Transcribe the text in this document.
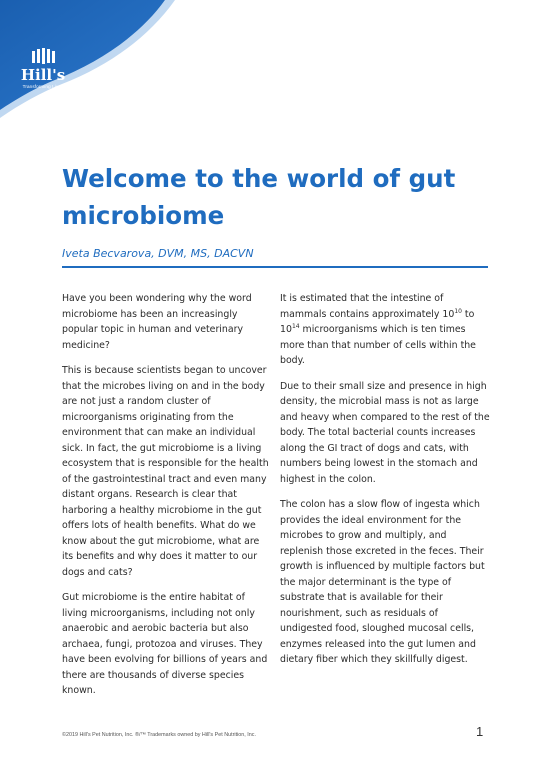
Hill's
Transforming Lives
Welcome to the world of gut microbiome
Iveta Becvarova, DVM, MS, DACVN

Have you been wondering why the word microbiome has been an increasingly popular topic in human and veterinary medicine?

This is because scientists began to uncover that the microbes living on and in the body are not just a random cluster of microorganisms originating from the environment that can make an individual sick. In fact, the gut microbiome is a living ecosystem that is responsible for the health of the gastrointestinal tract and even many distant organs. Research is clear that harboring a healthy microbiome in the gut offers lots of health benefits. What do we know about the gut microbiome, what are its benefits and why does it matter to our dogs and cats?

Gut microbiome is the entire habitat of living microorganisms, including not only anaerobic and aerobic bacteria but also archaea, fungi, protozoa and viruses. They have been evolving for billions of years and there are thousands of diverse species known.

It is estimated that the intestine of mammals contains approximately $10^{10}$ to $10^{14}$ microorganisms which is ten times more than that number of cells within the body.

Due to their small size and presence in high density, the microbial mass is not as large and heavy when compared to the rest of the body. The total bacterial counts increases along the GI tract of dogs and cats, with numbers being lowest in the stomach and highest in the colon.

The colon has a slow flow of ingesta which provides the ideal environment for the microbes to grow and multiply, and replenish those excreted in the feces. Their growth is influenced by multiple factors but the major determinant is the type of substrate that is available for their nourishment, such as residuals of undigested food, sloughed mucosal cells, enzymes released into the gut lumen and dietary fiber which they skillfully digest.

©2019 Hill's Pet Nutrition, Inc. ®/™ Trademarks owned by Hill's Pet Nutrition, Inc.	1
